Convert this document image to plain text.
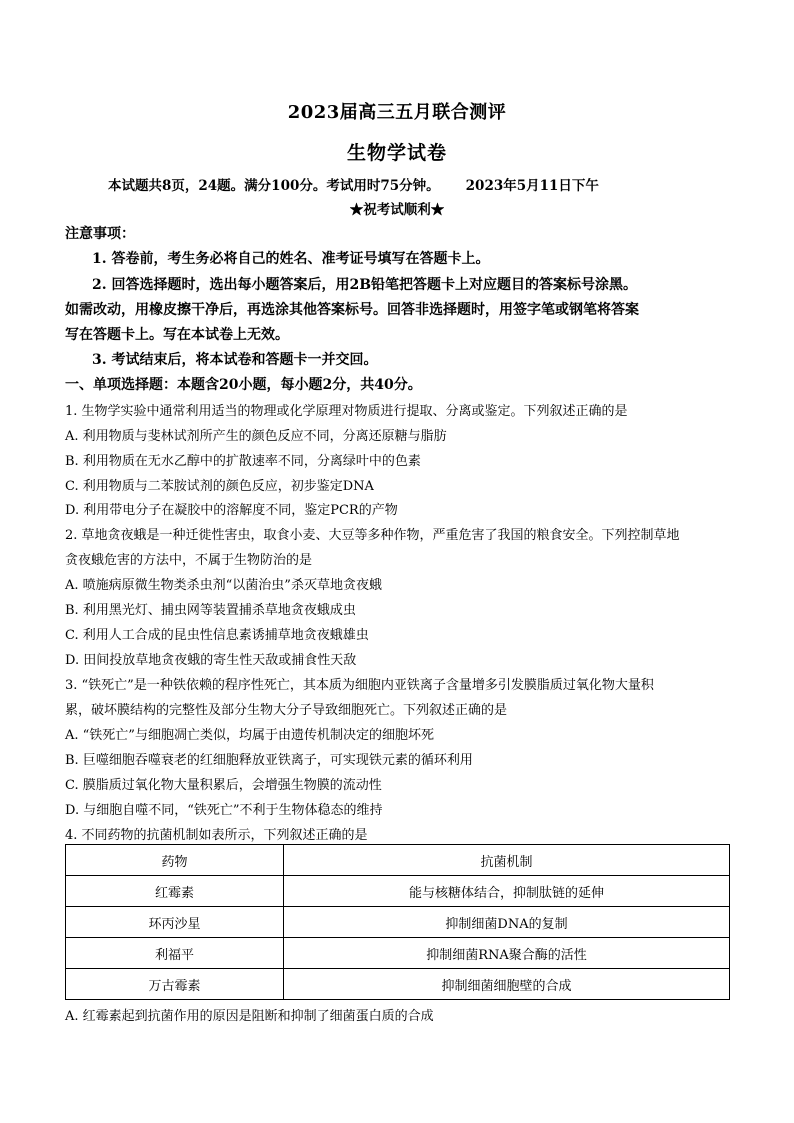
2023届高三五月联合测评
生物学试卷
本试题共8页，24题。满分100分。考试用时75分钟。 2023年5月11日下午
★祝考试顺利★
注意事项：
1. 答卷前，考生务必将自己的姓名、准考证号填写在答题卡上。
2. 回答选择题时，选出每小题答案后，用2B铅笔把答题卡上对应题目的答案标号涂黑。
如需改动，用橡皮擦干净后，再选涂其他答案标号。回答非选择题时，用签字笔或钢笔将答案
写在答题卡上。写在本试卷上无效。
3. 考试结束后，将本试卷和答题卡一并交回。
一、单项选择题：本题含20小题，每小题2分，共40分。
1. 生物学实验中通常利用适当的物理或化学原理对物质进行提取、分离或鉴定。下列叙述正确的是
A. 利用物质与斐林试剂所产生的颜色反应不同，分离还原糖与脂肪
B. 利用物质在无水乙醇中的扩散速率不同，分离绿叶中的色素
C. 利用物质与二苯胺试剂的颜色反应，初步鉴定DNA
D. 利用带电分子在凝胶中的溶解度不同，鉴定PCR的产物
2. 草地贪夜蛾是一种迁徙性害虫，取食小麦、大豆等多种作物，严重危害了我国的粮食安全。下列控制草地
贪夜蛾危害的方法中，不属于生物防治的是
A. 喷施病原微生物类杀虫剂“以菌治虫”杀灭草地贪夜蛾
B. 利用黑光灯、捕虫网等装置捕杀草地贪夜蛾成虫
C. 利用人工合成的昆虫性信息素诱捕草地贪夜蛾雄虫
D. 田间投放草地贪夜蛾的寄生性天敌或捕食性天敌
3. “铁死亡”是一种铁依赖的程序性死亡，其本质为细胞内亚铁离子含量增多引发膜脂质过氧化物大量积
累，破坏膜结构的完整性及部分生物大分子导致细胞死亡。下列叙述正确的是
A. “铁死亡”与细胞凋亡类似，均属于由遗传机制决定的细胞坏死
B. 巨噬细胞吞噬衰老的红细胞释放亚铁离子，可实现铁元素的循环利用
C. 膜脂质过氧化物大量积累后，会增强生物膜的流动性
D. 与细胞自噬不同，“铁死亡”不利于生物体稳态的维持
4. 不同药物的抗菌机制如表所示，下列叙述正确的是
药物	抗菌机制
红霉素	能与核糖体结合，抑制肽链的延伸
环丙沙星	抑制细菌DNA的复制
利福平	抑制细菌RNA聚合酶的活性
万古霉素	抑制细菌细胞壁的合成
A. 红霉素起到抗菌作用的原因是阻断和抑制了细菌蛋白质的合成
